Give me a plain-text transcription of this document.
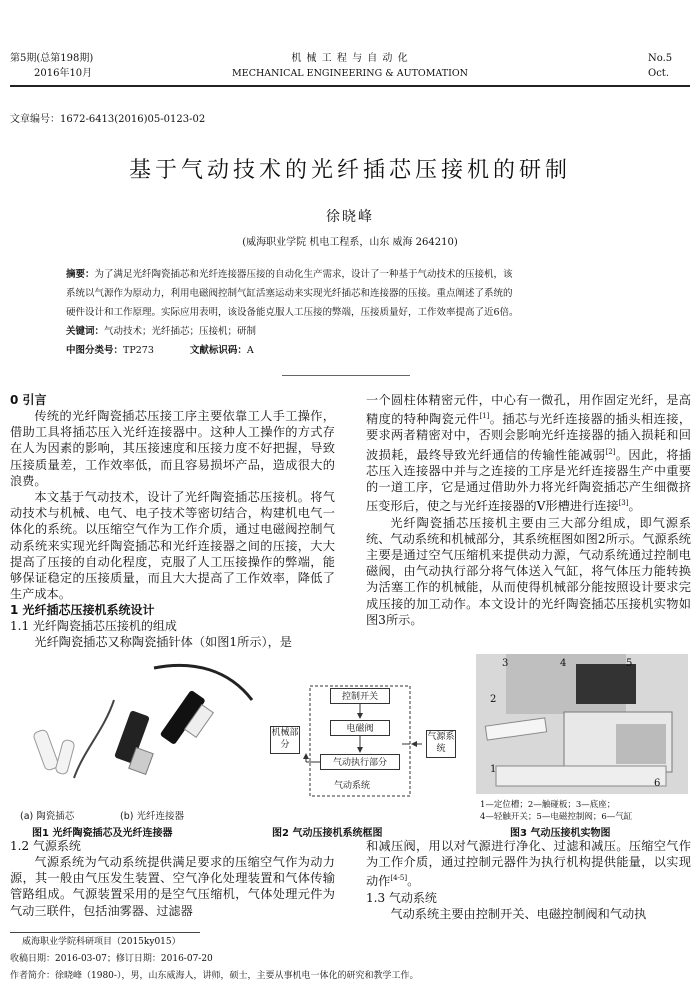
第5期(总第198期)
2016年10月
机 械 工 程 与 自 动 化
MECHANICAL ENGINEERING & AUTOMATION
No.5
Oct.
文章编号：1672-6413(2016)05-0123-02
基于气动技术的光纤插芯压接机的研制
徐晓峰
(威海职业学院 机电工程系，山东 威海 264210)
摘要：为了满足光纤陶瓷插芯和光纤连接器压接的自动化生产需求，设计了一种基于气动技术的压接机，该
系统以气源作为原动力，利用电磁阀控制气缸活塞运动来实现光纤插芯和连接器的压接。重点阐述了系统的
硬件设计和工作原理。实际应用表明，该设备能克服人工压接的弊端，压接质量好，工作效率提高了近6倍。
关键词：气动技术；光纤插芯；压接机；研制
中图分类号：TP273	文献标识码：A
0 引言

传统的光纤陶瓷插芯压接工序主要依靠工人手工操作，借助工具将插芯压入光纤连接器中。这种人工操作的方式存在人为因素的影响，其压接速度和压接力度不好把握，导致压接质量差，工作效率低，而且容易损坏产品，造成很大的浪费。

本文基于气动技术，设计了光纤陶瓷插芯压接机。将气动技术与机械、电气、电子技术等密切结合，构建机电气一体化的系统。以压缩空气作为工作介质，通过电磁阀控制气动系统来实现光纤陶瓷插芯和光纤连接器之间的压接，大大提高了压接的自动化程度，克服了人工压接操作的弊端，能够保证稳定的压接质量，而且大大提高了工作效率，降低了生产成本。

1 光纤插芯压接机系统设计
1.1 光纤陶瓷插芯压接机的组成

光纤陶瓷插芯又称陶瓷插针体（如图1所示），是

一个圆柱体精密元件，中心有一微孔，用作固定光纤，是高精度的特种陶瓷元件[1]。插芯与光纤连接器的插头相连接，要求两者精密对中，否则会影响光纤连接器的插入损耗和回波损耗，最终导致光纤通信的传输性能减弱[2]。因此，将插芯压入连接器中并与之连接的工序是光纤连接器生产中重要的一道工序，它是通过借助外力将光纤陶瓷插芯产生细微挤压变形后，使之与光纤连接器的V形槽进行连接[3]。

光纤陶瓷插芯压接机主要由三大部分组成，即气源系统、气动系统和机械部分，其系统框图如图2所示。气源系统主要是通过空气压缩机来提供动力源，气动系统通过控制电磁阀，由气动执行部分将气体送入气缸，将气体压力能转换为活塞工作的机械能，从而使得机械部分能按照设计要求完成压接的加工动作。本文设计的光纤陶瓷插芯压接机实物如图3所示。

(a) 陶瓷插芯	(b) 光纤连接器
图1 光纤陶瓷插芯及光纤连接器
控制开关
电磁阀
气动执行部分
机械部分
气源系统
气动系统
图2 气动压接机系统框图
3	4	5
2
1
6
1—定位槽；2—触碰板；3—底座；
4—轻触开关；5—电磁控制阀；6—气缸
图3 气动压接机实物图
1.2 气源系统

气源系统为气动系统提供满足要求的压缩空气作为动力源，其一般由气压发生装置、空气净化处理装置和气体传输管路组成。气源装置采用的是空气压缩机，气体处理元件为气动三联件，包括油雾器、过滤器

和减压阀，用以对气源进行净化、过滤和减压。压缩空气作为工作介质，通过控制元器件为执行机构提供能量，以实现动作[4-5]。

1.3 气动系统

气动系统主要由控制开关、电磁控制阀和气动执

威海职业学院科研项目（2015ky015）
收稿日期：2016-03-07；修订日期：2016-07-20
作者简介：徐晓峰（1980-），男，山东威海人，讲师，硕士，主要从事机电一体化的研究和教学工作。
